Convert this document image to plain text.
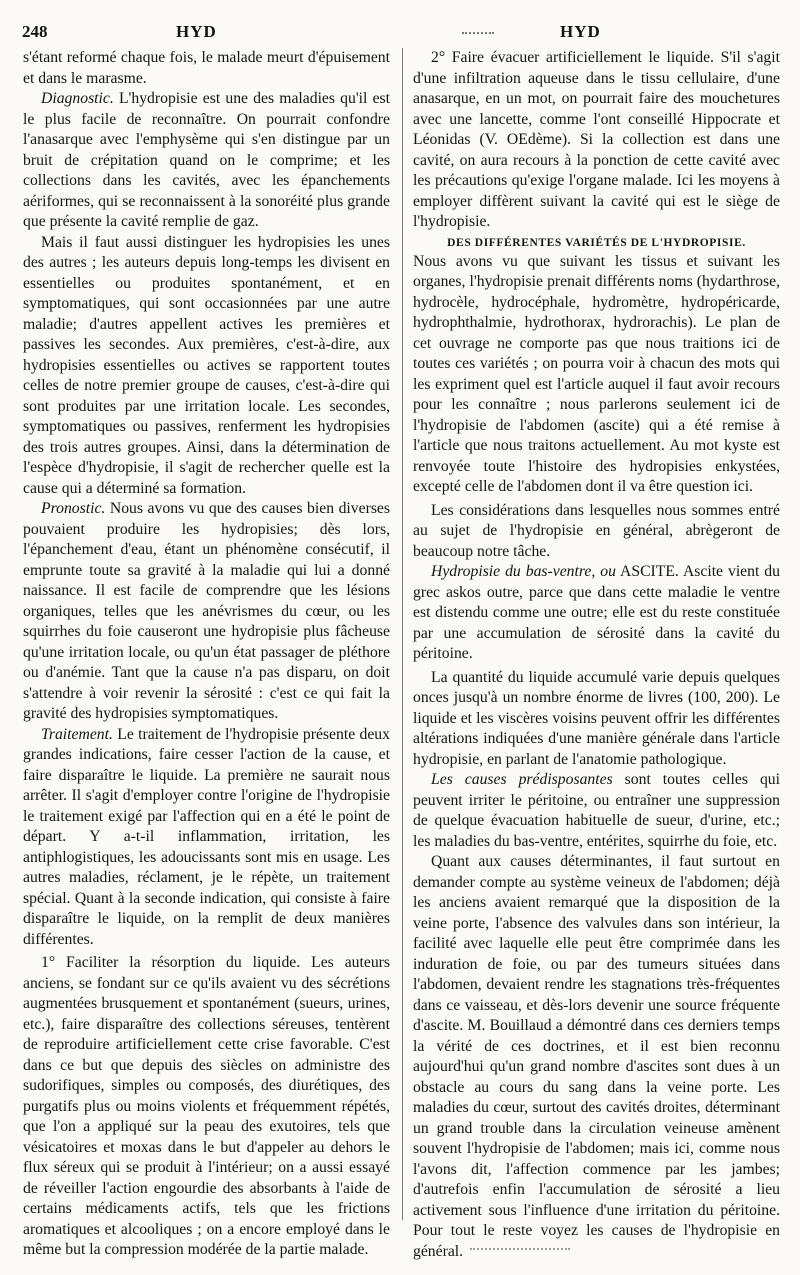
248	HYD	HYD

s'étant reformé chaque fois, le malade meurt d'épuisement et dans le marasme.

Diagnostic. L'hydropisie est une des maladies qu'il est le plus facile de reconnaître. On pourrait confondre l'anasarque avec l'emphysème qui s'en distingue par un bruit de crépitation quand on le comprime; et les collections dans les cavités, avec les épanchements aériformes, qui se reconnaissent à la sonoréité plus grande que présente la cavité remplie de gaz.

Mais il faut aussi distinguer les hydropisies les unes des autres ; les auteurs depuis long-temps les divisent en essentielles ou produites spontanément, et en symptomatiques, qui sont occasionnées par une autre maladie; d'autres appellent actives les premières et passives les secondes. Aux premières, c'est-à-dire, aux hydropisies essentielles ou actives se rapportent toutes celles de notre premier groupe de causes, c'est-à-dire qui sont produites par une irritation locale. Les secondes, symptomatiques ou passives, renferment les hydropisies des trois autres groupes. Ainsi, dans la détermination de l'espèce d'hydropisie, il s'agit de rechercher quelle est la cause qui a déterminé sa formation.

Pronostic. Nous avons vu que des causes bien diverses pouvaient produire les hydropisies; dès lors, l'épanchement d'eau, étant un phénomène consécutif, il emprunte toute sa gravité à la maladie qui lui a donné naissance. Il est facile de comprendre que les lésions organiques, telles que les anévrismes du cœur, ou les squirrhes du foie causeront une hydropisie plus fâcheuse qu'une irritation locale, ou qu'un état passager de pléthore ou d'anémie. Tant que la cause n'a pas disparu, on doit s'attendre à voir revenir la sérosité : c'est ce qui fait la gravité des hydropisies symptomatiques.

Traitement. Le traitement de l'hydropisie présente deux grandes indications, faire cesser l'action de la cause, et faire disparaître le liquide. La première ne saurait nous arrêter. Il s'agit d'employer contre l'origine de l'hydropisie le traitement exigé par l'affection qui en a été le point de départ. Y a-t-il inflammation, irritation, les antiphlogistiques, les adoucissants sont mis en usage. Les autres maladies, réclament, je le répète, un traitement spécial. Quant à la seconde indication, qui consiste à faire disparaître le liquide, on la remplit de deux manières différentes.

1° Faciliter la résorption du liquide. Les auteurs anciens, se fondant sur ce qu'ils avaient vu des sécrétions augmentées brusquement et spontanément (sueurs, urines, etc.), faire disparaître des collections séreuses, tentèrent de reproduire artificiellement cette crise favorable. C'est dans ce but que depuis des siècles on administre des sudorifiques, simples ou composés, des diurétiques, des purgatifs plus ou moins violents et fréquemment répétés, que l'on a appliqué sur la peau des exutoires, tels que vésicatoires et moxas dans le but d'appeler au dehors le flux séreux qui se produit à l'intérieur; on a aussi essayé de réveiller l'action engourdie des absorbants à l'aide de certains médicaments actifs, tels que les frictions aromatiques et alcooliques ; on a encore employé dans le même but la compression modérée de la partie malade.

2° Faire évacuer artificiellement le liquide. S'il s'agit d'une infiltration aqueuse dans le tissu cellulaire, d'une anasarque, en un mot, on pourrait faire des mouchetures avec une lancette, comme l'ont conseillé Hippocrate et Léonidas (V. OEdème). Si la collection est dans une cavité, on aura recours à la ponction de cette cavité avec les précautions qu'exige l'organe malade. Ici les moyens à employer diffèrent suivant la cavité qui est le siège de l'hydropisie.

DES DIFFÉRENTES VARIÉTÉS DE L'HYDROPISIE.

Nous avons vu que suivant les tissus et suivant les organes, l'hydropisie prenait différents noms (hydarthrose, hydrocèle, hydrocéphale, hydromètre, hydropéricarde, hydrophthalmie, hydrothorax, hydrorachis). Le plan de cet ouvrage ne comporte pas que nous traitions ici de toutes ces variétés ; on pourra voir à chacun des mots qui les expriment quel est l'article auquel il faut avoir recours pour les connaître ; nous parlerons seulement ici de l'hydropisie de l'abdomen (ascite) qui a été remise à l'article que nous traitons actuellement. Au mot kyste est renvoyée toute l'histoire des hydropisies enkystées, excepté celle de l'abdomen dont il va être question ici.

Les considérations dans lesquelles nous sommes entré au sujet de l'hydropisie en général, abrègeront de beaucoup notre tâche.

Hydropisie du bas-ventre, ou ASCITE. Ascite vient du grec askos outre, parce que dans cette maladie le ventre est distendu comme une outre; elle est du reste constituée par une accumulation de sérosité dans la cavité du péritoine.

La quantité du liquide accumulé varie depuis quelques onces jusqu'à un nombre énorme de livres (100, 200). Le liquide et les viscères voisins peuvent offrir les différentes altérations indiquées d'une manière générale dans l'article hydropisie, en parlant de l'anatomie pathologique.

Les causes prédisposantes sont toutes celles qui peuvent irriter le péritoine, ou entraîner une suppression de quelque évacuation habituelle de sueur, d'urine, etc.; les maladies du bas-ventre, entérites, squirrhe du foie, etc.

Quant aux causes déterminantes, il faut surtout en demander compte au système veineux de l'abdomen; déjà les anciens avaient remarqué que la disposition de la veine porte, l'absence des valvules dans son intérieur, la facilité avec laquelle elle peut être comprimée dans les induration de foie, ou par des tumeurs situées dans l'abdomen, devaient rendre les stagnations très-fréquentes dans ce vaisseau, et dès-lors devenir une source fréquente d'ascite. M. Bouillaud a démontré dans ces derniers temps la vérité de ces doctrines, et il est bien reconnu aujourd'hui qu'un grand nombre d'ascites sont dues à un obstacle au cours du sang dans la veine porte. Les maladies du cœur, surtout des cavités droites, déterminant un grand trouble dans la circulation veineuse amènent souvent l'hydropisie de l'abdomen; mais ici, comme nous l'avons dit, l'affection commence par les jambes; d'autrefois enfin l'accumulation de sérosité a lieu activement sous l'influence d'une irritation du péritoine. Pour tout le reste voyez les causes de l'hydropisie en général.
